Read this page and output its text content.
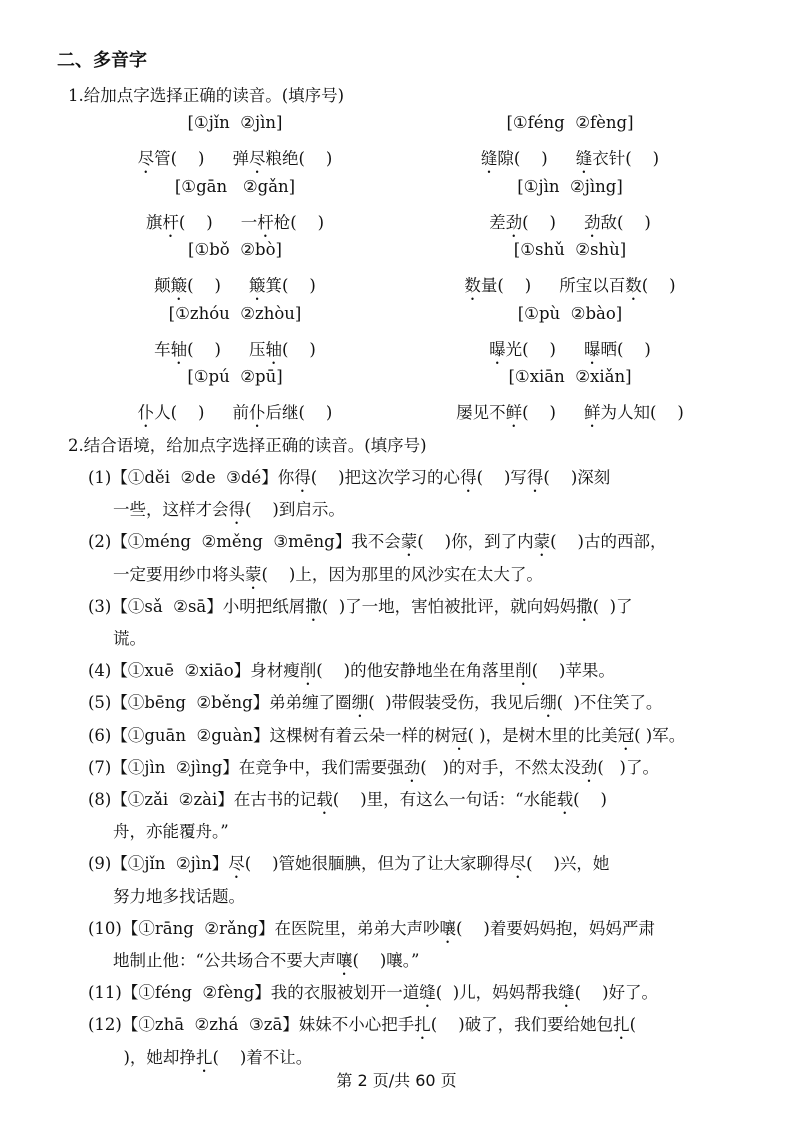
二、多音字
1.给加点字选择正确的读音。(填序号)
[①jǐn  ②jìn]
尽管(    ) 弹尽粮绝(    )
[①féng  ②fèng]
缝隙(    ) 缝衣针(    )
[①gān   ②gǎn]
旗杆(    ) 一杆枪(    )
[①jìn  ②jìng]
差劲(    ) 劲敌(    )
[①bǒ  ②bò]
颠簸(    ) 簸箕(    )
[①shǔ  ②shù]
数量(    ) 所宝以百数(    )
[①zhóu  ②zhòu]
车轴(    ) 压轴(    )
[①pù  ②bào]
曝光(    ) 曝晒(    )
[①pú  ②pū]
仆人(    ) 前仆后继(    )
[①xiān  ②xiǎn]
屡见不鲜(    ) 鲜为人知(    )
2.结合语境，给加点字选择正确的读音。(填序号)
(1)【①děi  ②de  ③dé】你得(    )把这次学习的心得(    )写得(    )深刻
一些，这样才会得(    )到启示。
(2)【①méng  ②měng  ③mēng】我不会蒙(    )你，到了内蒙(    )古的西部，
一定要用纱巾将头蒙(    )上，因为那里的风沙实在太大了。
(3)【①sǎ  ②sā】小明把纸屑撒(  )了一地，害怕被批评，就向妈妈撒(  )了
谎。
(4)【①xuē  ②xiāo】身材瘦削(    )的他安静地坐在角落里削(    )苹果。
(5)【①bēng  ②běng】弟弟缠了圈绷(  )带假装受伤，我见后绷(  )不住笑了。
(6)【①guān  ②guàn】这棵树有着云朵一样的树冠( )，是树木里的比美冠( )军。
(7)【①jìn  ②jìng】在竞争中，我们需要强劲(   )的对手，不然太没劲(   )了。
(8)【①zǎi  ②zài】在古书的记载(    )里，有这么一句话：“水能载(    )
舟，亦能覆舟。”
(9)【①jǐn  ②jìn】尽(    )管她很腼腆，但为了让大家聊得尽(    )兴，她
努力地多找话题。
(10)【①rāng  ②rǎng】在医院里，弟弟大声吵嚷(    )着要妈妈抱，妈妈严肃
地制止他：“公共场合不要大声嚷(    )嚷。”
(11)【①féng  ②fèng】我的衣服被划开一道缝(  )儿，妈妈帮我缝(    )好了。
(12)【①zhā  ②zhá  ③zā】妹妹不小心把手扎(    )破了，我们要给她包扎(
)，她却挣扎(    )着不让。
第 2 页/共 60 页
